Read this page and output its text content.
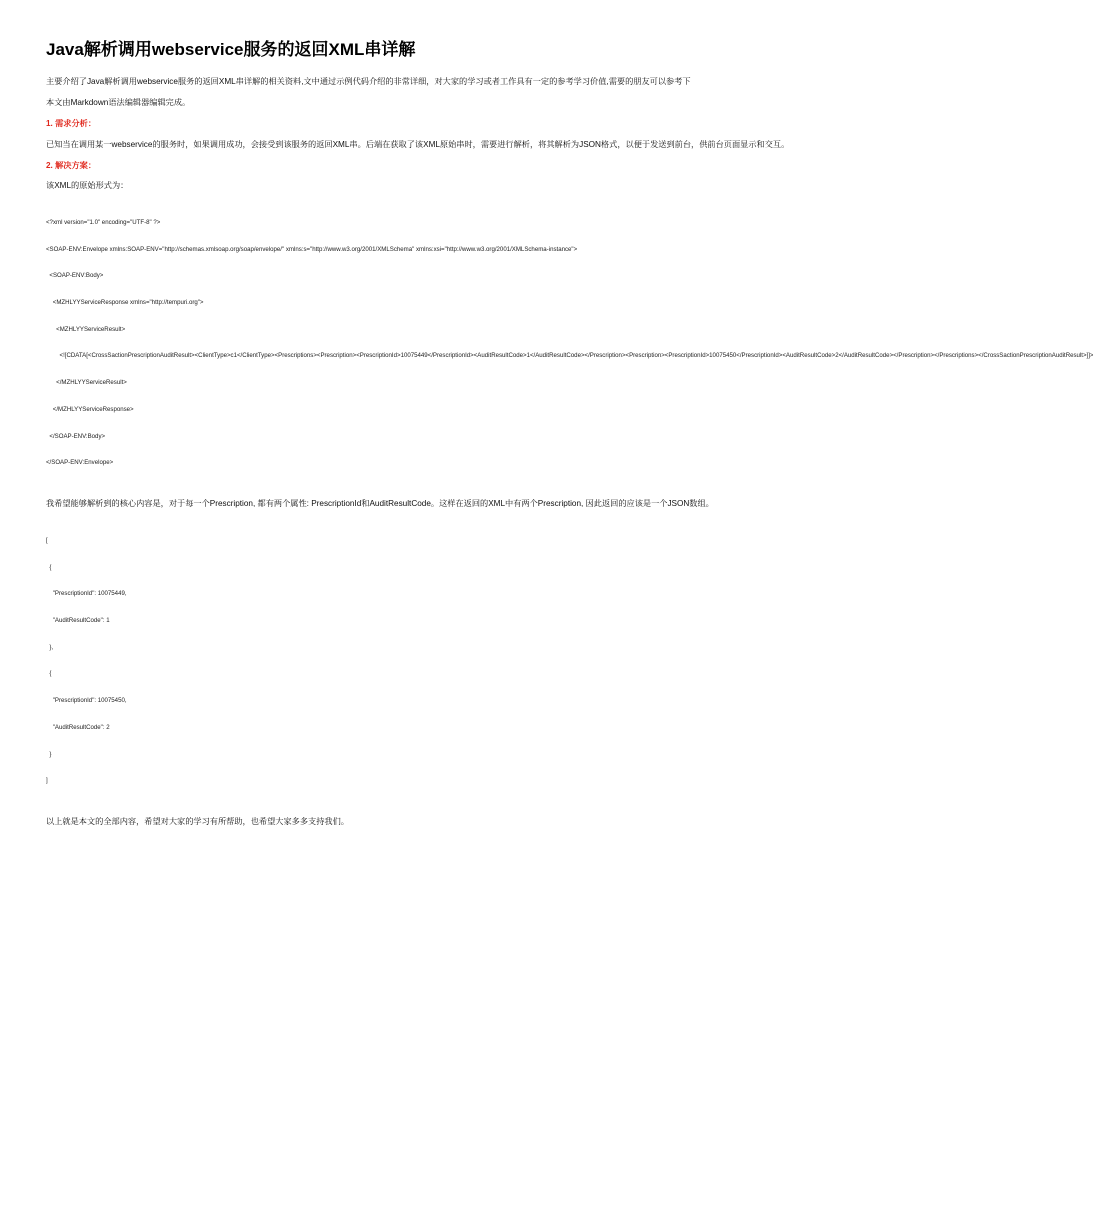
Java解析调用webservice服务的返回XML串详解

主要介绍了Java解析调用webservice服务的返回XML串详解的相关资料,文中通过示例代码介绍的非常详细，对大家的学习或者工作具有一定的参考学习价值,需要的朋友可以参考下

本文由Markdown语法编辑器编辑完成。

1. 需求分析：

已知当在调用某一webservice的服务时，如果调用成功，会接受到该服务的返回XML串。后端在获取了该XML原始串时，需要进行解析，将其解析为JSON格式，以便于发送到前台，供前台页面显示和交互。

2. 解决方案：

该XML的原始形式为：

<?xml version="1.0" encoding="UTF-8" ?>

<SOAP-ENV:Envelope xmlns:SOAP-ENV="http://schemas.xmlsoap.org/soap/envelope/" xmlns:s="http://www.w3.org/2001/XMLSchema" xmlns:xsi="http://www.w3.org/2001/XMLSchema-instance">

<SOAP-ENV:Body>

<MZHLYYServiceResponse xmlns="http://tempuri.org">

<MZHLYYServiceResult>

<![CDATA[<CrossSactionPrescriptionAuditResult><ClientType>c1</ClientType><Prescriptions><Prescription><PrescriptionId>10075449</PrescriptionId><AuditResultCode>1</AuditResultCode></Prescription><Prescription><PrescriptionId>10075450</PrescriptionId><AuditResultCode>2</AuditResultCode></Prescription></Prescriptions></CrossSactionPrescriptionAuditResult>]]>

</MZHLYYServiceResult>

</MZHLYYServiceResponse>

</SOAP-ENV:Body>

</SOAP-ENV:Envelope>

我希望能够解析到的核心内容是，对于每一个Prescription, 都有两个属性: PrescriptionId和AuditResultCode。这样在返回的XML中有两个Prescription, 因此返回的应该是一个JSON数组。

[

{

"PrescriptionId": 10075449,

"AuditResultCode": 1

},

{

"PrescriptionId": 10075450,

"AuditResultCode": 2

}

]

以上就是本文的全部内容，希望对大家的学习有所帮助，也希望大家多多支持我们。
